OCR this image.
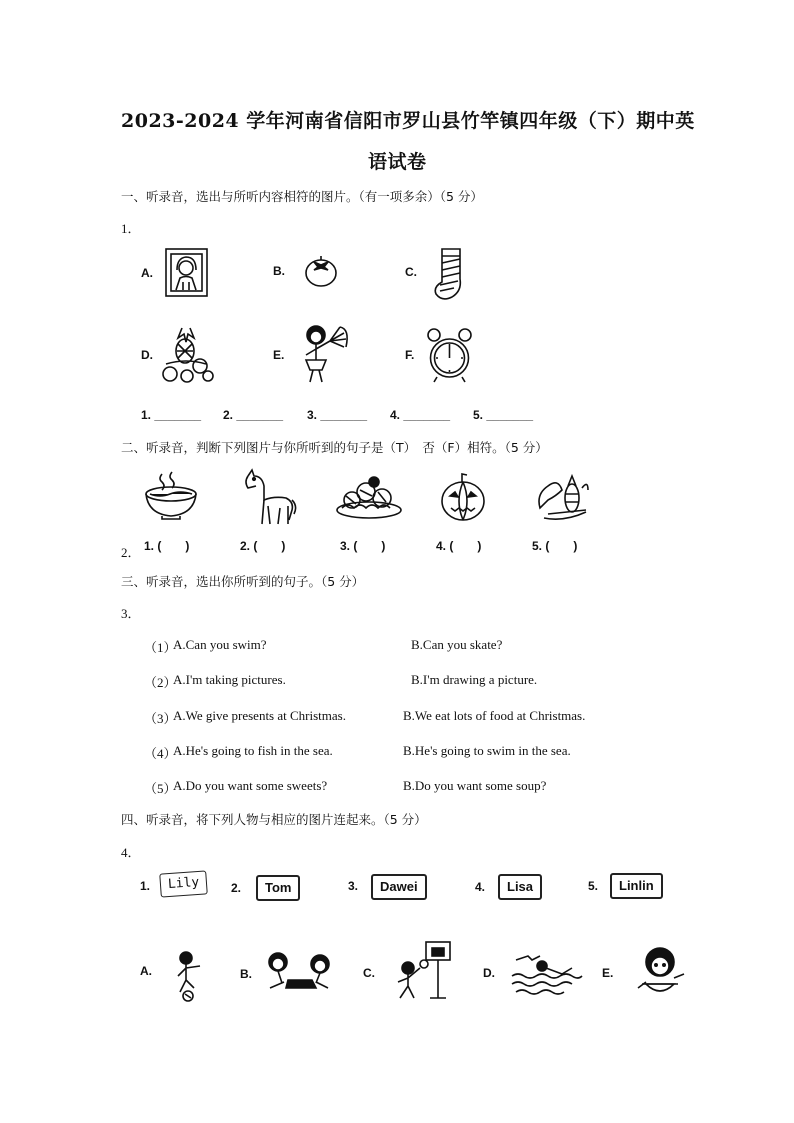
2023-2024 学年河南省信阳市罗山县竹竿镇四年级（下）期中英
语试卷
一、听录音，选出与所听内容相符的图片。（有一项多余）（5 分）
1．
A.	B.	C.
D.	E.	F.
1. _______ 2. _______ 3. _______ 4. _______ 5. _______
二、听录音，判断下列图片与你所听到的句子是（T）　否（F）相符。（5 分）
2． 1. (　　)	2. (　　)	3. (　　)	4. (　　)	5. (　　)
三、听录音，选出你所听到的句子。（5 分）
3．
（1）
A.Can you swim?	B.Can you skate?
（2）
A.I'm taking pictures.	B.I'm drawing a picture.
（3）
A.We give presents at Christmas.	B.We eat lots of food at Christmas.
（4）
A.He's going to fish in the sea.	B.He's going to swim in the sea.
（5）
A.Do you want some sweets?	B.Do you want some soup?
四、听录音，将下列人物与相应的图片连起来。（5 分）
4．
1.	Lily	2.	Tom	3.	Dawei	4.	Lisa	5.	Linlin
A.	B.	C.	D.	E.
